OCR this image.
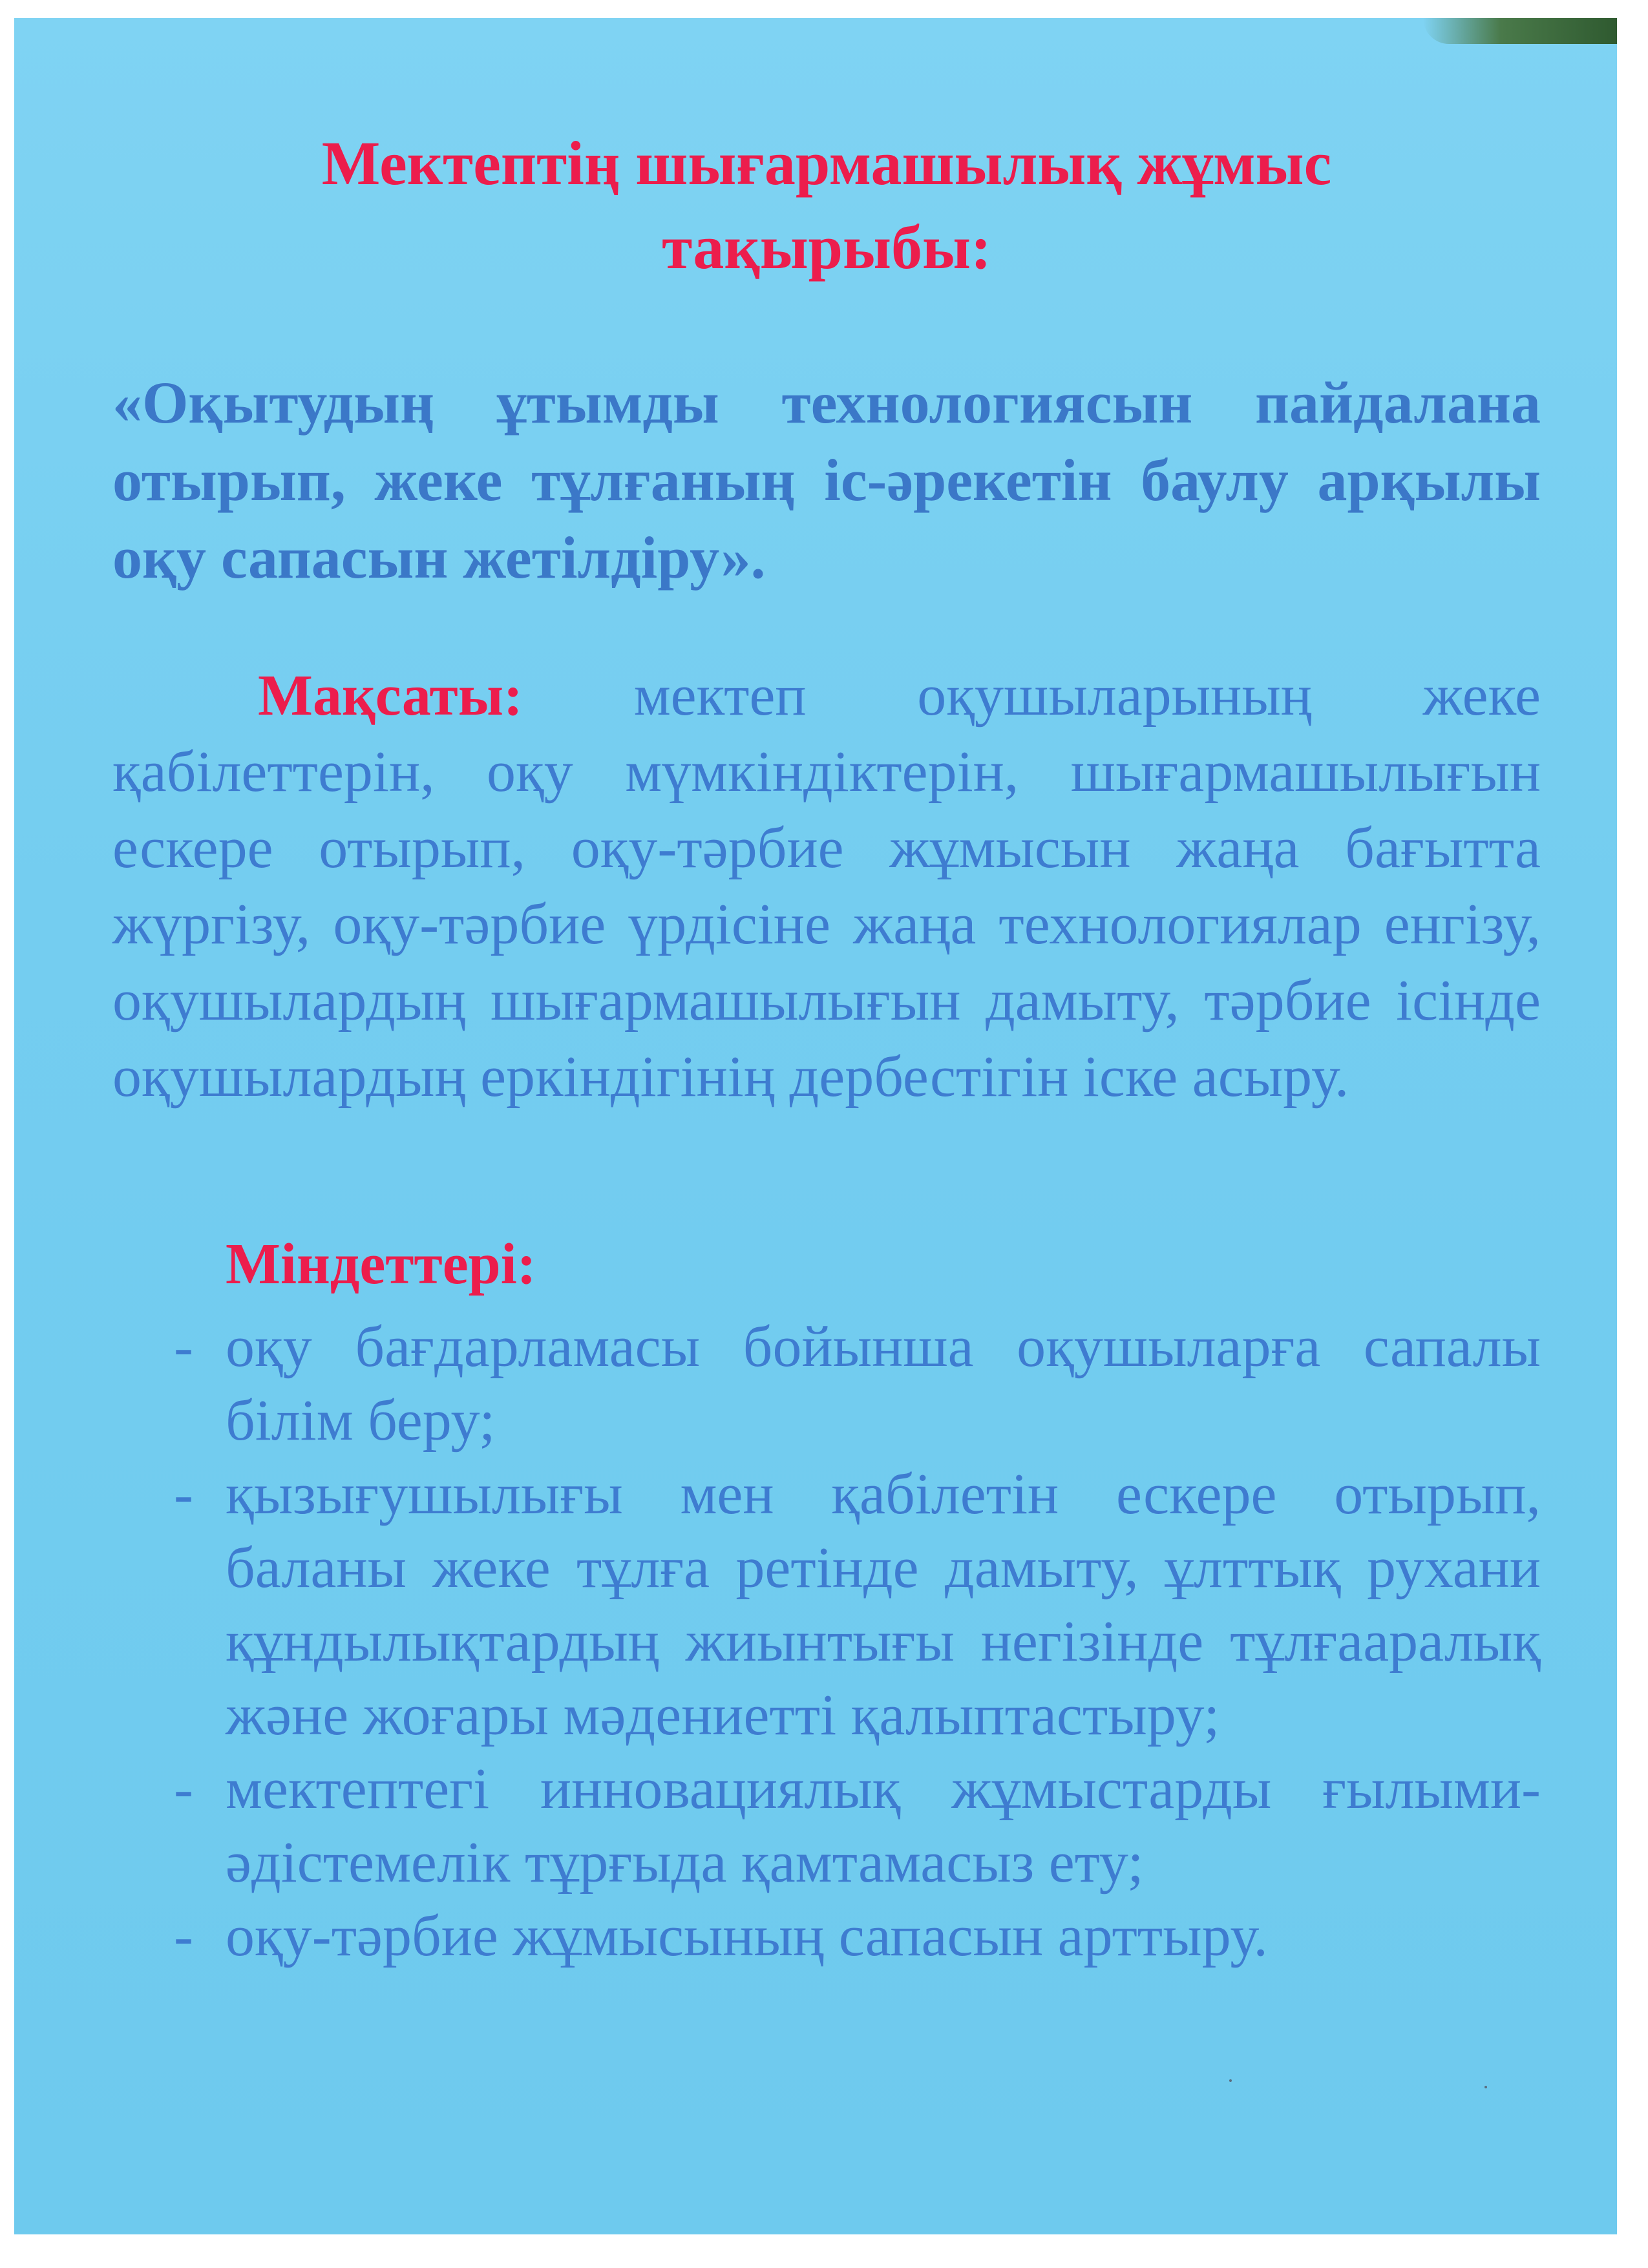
Мектептің шығармашылық жұмыс
тақырыбы:
«Оқытудың ұтымды технологиясын пайдалана отырып, жеке тұлғаның іс-әрекетін баулу арқылы оқу сапасын жетілдіру».
Мақсаты: мектеп оқушыларының жеке қабілеттерін, оқу мүмкіндіктерін, шығармашылығын ескере отырып, оқу-тәрбие жұмысын жаңа бағытта жүргізу, оқу-тәрбие үрдісіне жаңа технологиялар енгізу, оқушылардың шығармашылығын дамыту, тәрбие ісінде оқушылардың еркіндігінің дербестігін іске асыру.
Міндеттері:
- оқу бағдарламасы бойынша оқушыларға сапалы білім беру;
- қызығушылығы мен қабілетін ескере отырып, баланы жеке тұлға ретінде дамыту, ұлттық рухани құндылықтардың жиынтығы негізінде тұлғааралық және жоғары мәдениетті қалыптастыру;
- мектептегі инновациялық жұмыстарды ғылыми-әдістемелік тұрғыда қамтамасыз ету;
- оқу-тәрбие жұмысының сапасын арттыру.
